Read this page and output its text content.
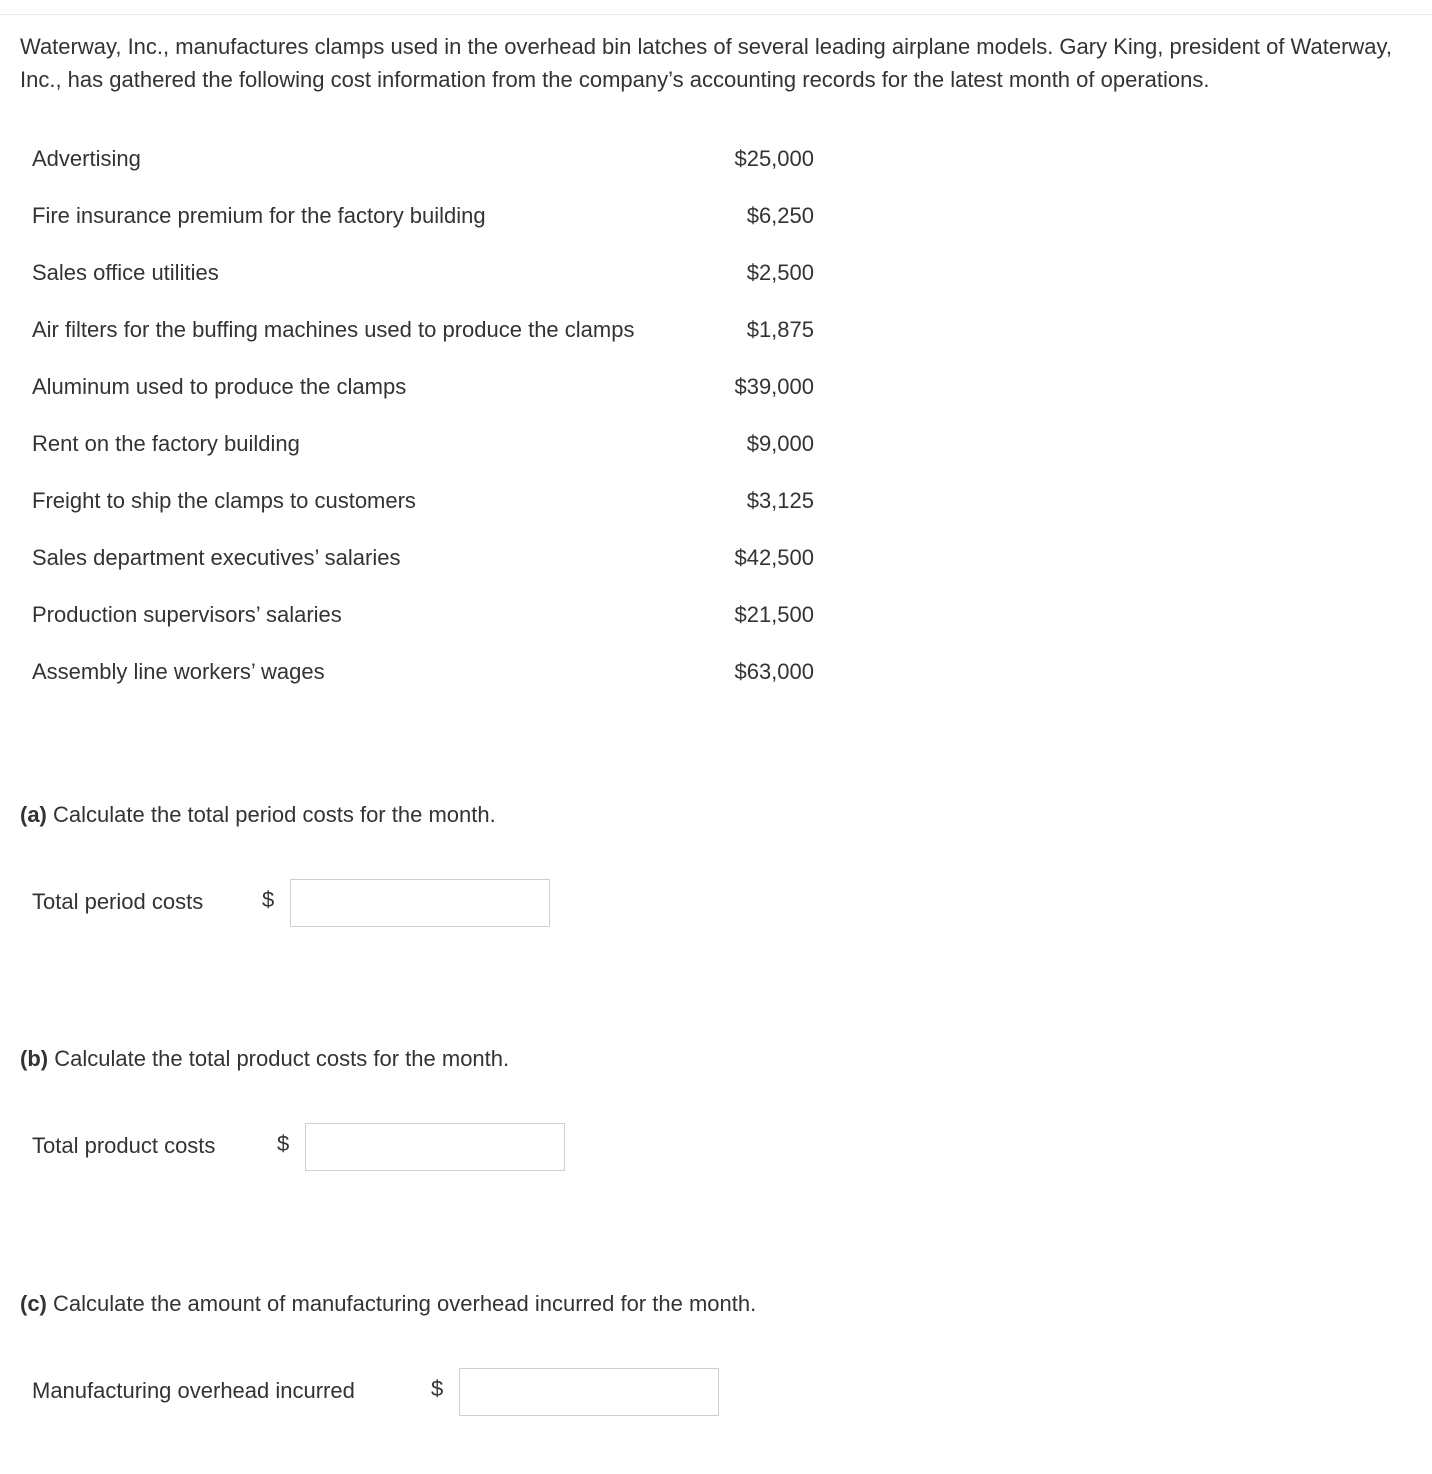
Waterway, Inc., manufactures clamps used in the overhead bin latches of several leading airplane models. Gary King, president of Waterway, Inc., has gathered the following cost information from the company’s accounting records for the latest month of operations.

Advertising	$25,000
Fire insurance premium for the factory building	$6,250
Sales office utilities	$2,500
Air filters for the buffing machines used to produce the clamps	$1,875
Aluminum used to produce the clamps	$39,000
Rent on the factory building	$9,000
Freight to ship the clamps to customers	$3,125
Sales department executives’ salaries	$42,500
Production supervisors’ salaries	$21,500
Assembly line workers’ wages	$63,000

(a) Calculate the total period costs for the month.

Total period costs	$

(b) Calculate the total product costs for the month.

Total product costs	$

(c) Calculate the amount of manufacturing overhead incurred for the month.

Manufacturing overhead incurred	$
